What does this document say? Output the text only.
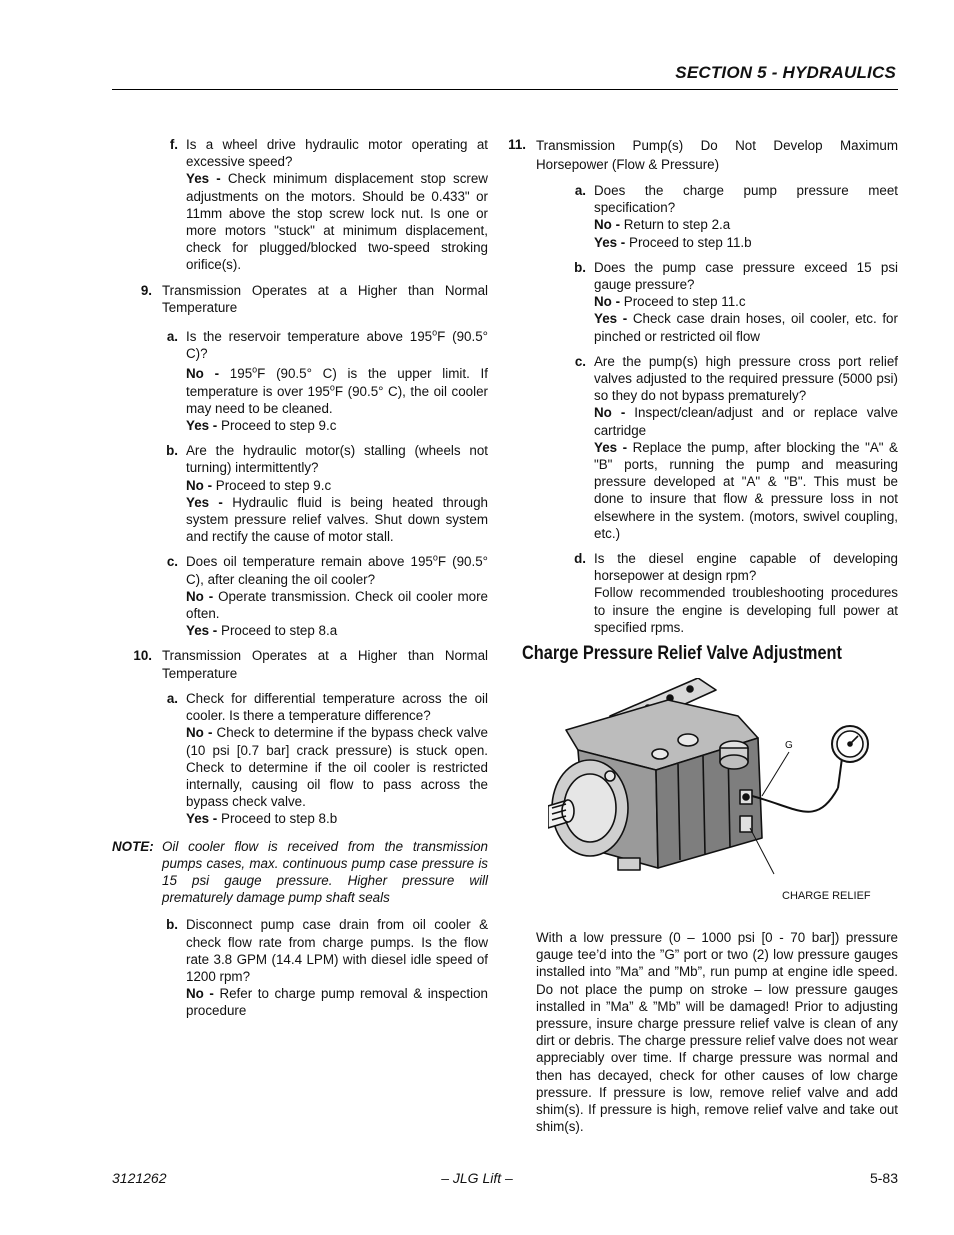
SECTION 5 - HYDRAULICS
f. Is a wheel drive hydraulic motor operating at excessive speed?
Yes - Check minimum displacement stop screw adjustments on the motors. Should be 0.433" or 11mm above the stop screw lock nut. Is one or more motors "stuck" at minimum displacement, check for plugged/blocked two-speed stroking orifice(s).
9. Transmission Operates at a Higher than Normal Temperature
a. Is the reservoir temperature above 195$^o$F (90.5° C)?
No - 195$^o$F (90.5° C) is the upper limit. If temperature is over 195$^o$F (90.5° C), the oil cooler may need to be cleaned.
Yes - Proceed to step 9.c
b. Are the hydraulic motor(s) stalling (wheels not turning) intermittently?
No - Proceed to step 9.c
Yes - Hydraulic fluid is being heated through system pressure relief valves. Shut down system and rectify the cause of motor stall.
c. Does oil temperature remain above 195$^o$F (90.5° C), after cleaning the oil cooler?
No - Operate transmission. Check oil cooler more often.
Yes - Proceed to step 8.a
10. Transmission Operates at a Higher than Normal Temperature
a. Check for differential temperature across the oil cooler. Is there a temperature difference?
No - Check to determine if the bypass check valve (10 psi [0.7 bar] crack pressure) is stuck open. Check to determine if the oil cooler is restricted internally, causing oil flow to pass across the bypass check valve.
Yes - Proceed to step 8.b
NOTE: Oil cooler flow is received from the transmission pumps cases, max. continuous pump case pressure is 15 psi gauge pressure. Higher pressure will prematurely damage pump shaft seals
b. Disconnect pump case drain from oil cooler & check flow rate from charge pumps. Is the flow rate 3.8 GPM (14.4 LPM) with diesel idle speed of 1200 rpm?
No - Refer to charge pump removal & inspection procedure
11. Transmission Pump(s) Do Not Develop Maximum Horsepower (Flow & Pressure)
a. Does the charge pump pressure meet specification?
No - Return to step 2.a
Yes - Proceed to step 11.b
b. Does the pump case pressure exceed 15 psi gauge pressure?
No - Proceed to step 11.c
Yes - Check case drain hoses, oil cooler, etc. for pinched or restricted oil flow
c. Are the pump(s) high pressure cross port relief valves adjusted to the required pressure (5000 psi) so they do not bypass prematurely?
No - Inspect/clean/adjust and or replace valve cartridge
Yes - Replace the pump, after blocking the "A" & "B" ports, running the pump and measuring pressure developed at "A" & "B". This must be done to insure that flow & pressure loss in not elsewhere in the system. (motors, swivel coupling, etc.)
d. Is the diesel engine capable of developing horsepower at design rpm?
Follow recommended troubleshooting procedures to insure the engine is developing full power at specified rpms.
Charge Pressure Relief Valve Adjustment
G
CHARGE RELIEF
With a low pressure (0 – 1000 psi [0 - 70 bar]) pressure gauge tee’d into the ”G” port or two (2) low pressure gauges installed into ”Ma” and ”Mb”, run pump at engine idle speed. Do not place the pump on stroke – low pressure gauges installed in ”Ma” & ”Mb” will be damaged! Prior to adjusting pressure, insure charge pressure relief valve is clean of any dirt or debris. The charge pressure relief valve does not wear appreciably over time. If charge pressure was normal and then has decayed, check for other causes of low charge pressure. If pressure is low, remove relief valve and add shim(s). If pressure is high, remove relief valve and take out shim(s).
3121262	– JLG Lift –	5-83
